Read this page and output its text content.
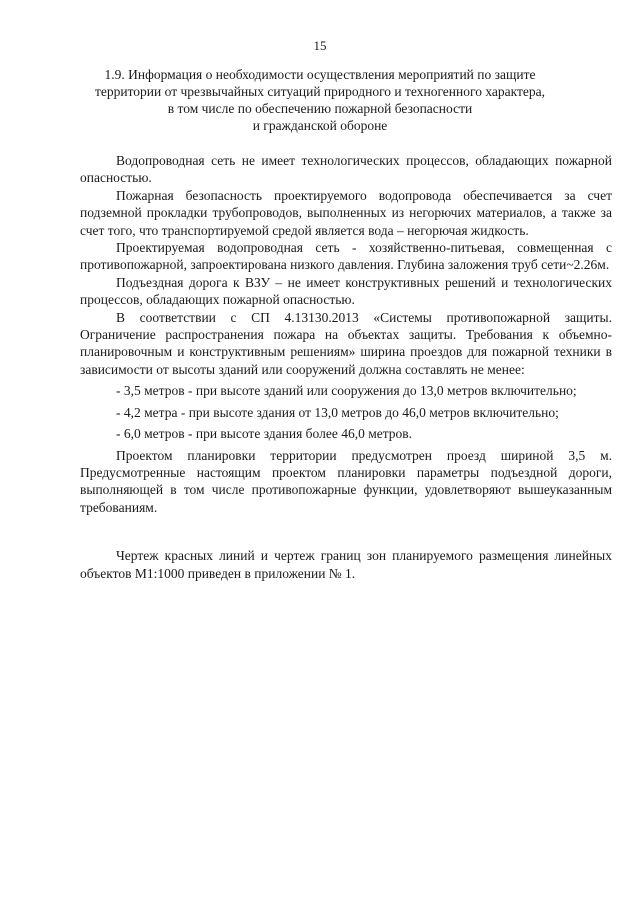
15
1.9. Информация о необходимости осуществления мероприятий по защите
территории от чрезвычайных ситуаций природного и техногенного характера,
в том числе по обеспечению пожарной безопасности
и гражданской обороне

Водопроводная сеть не имеет технологических процессов, обладающих пожарной опасностью.

Пожарная безопасность проектируемого водопровода обеспечивается за счет подземной прокладки трубопроводов, выполненных из негорючих материалов, а также за счет того, что транспортируемой средой является вода – негорючая жидкость.

Проектируемая водопроводная сеть - хозяйственно-питьевая, совмещенная с противопожарной, запроектирована низкого давления. Глубина заложения труб сети~2.26м.

Подъездная дорога к ВЗУ – не имеет конструктивных решений и технологических процессов, обладающих пожарной опасностью.

В соответствии с СП 4.13130.2013 «Системы противопожарной защиты. Ограничение распространения пожара на объектах защиты. Требования к объемно-планировочным и конструктивным решениям» ширина проездов для пожарной техники в зависимости от высоты зданий или сооружений должна составлять не менее:

- 3,5 метров - при высоте зданий или сооружения до 13,0 метров включительно;

- 4,2 метра - при высоте здания от 13,0 метров до 46,0 метров включительно;

- 6,0 метров - при высоте здания более 46,0 метров.

Проектом планировки территории предусмотрен проезд шириной 3,5 м. Предусмотренные настоящим проектом планировки параметры подъездной дороги, выполняющей в том числе противопожарные функции, удовлетворяют вышеуказанным требованиям.

Чертеж красных линий и чертеж границ зон планируемого размещения линейных объектов М1:1000 приведен в приложении № 1.
